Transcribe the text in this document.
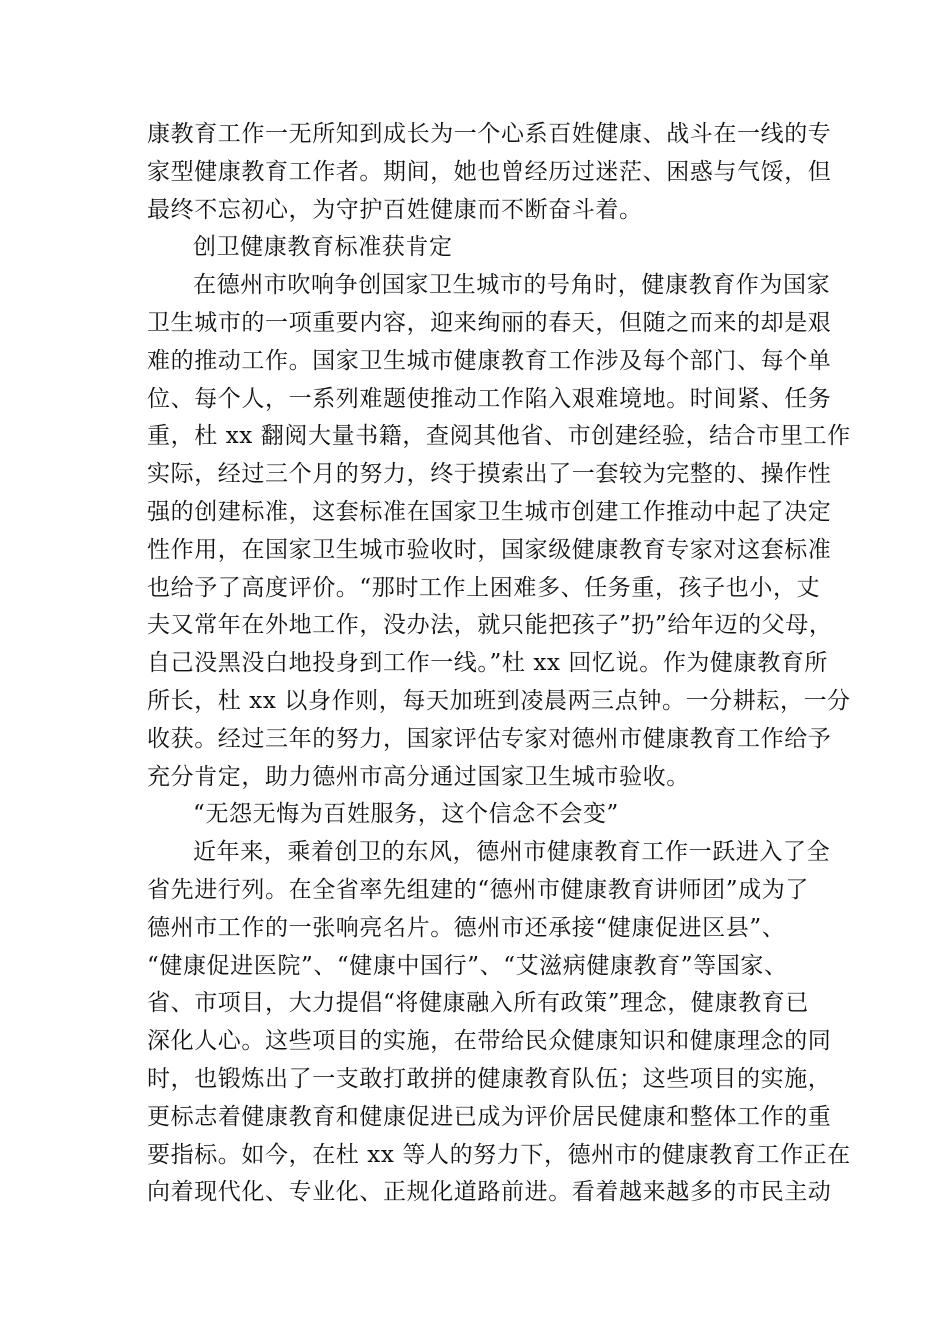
康教育工作一无所知到成长为一个心系百姓健康、战斗在一线的专
家型健康教育工作者。期间，她也曾经历过迷茫、困惑与气馁，但
最终不忘初心，为守护百姓健康而不断奋斗着。
创卫健康教育标准获肯定
在德州市吹响争创国家卫生城市的号角时，健康教育作为国家
卫生城市的一项重要内容，迎来绚丽的春天，但随之而来的却是艰
难的推动工作。国家卫生城市健康教育工作涉及每个部门、每个单
位、每个人，一系列难题使推动工作陷入艰难境地。时间紧、任务
重，杜 xx 翻阅大量书籍，查阅其他省、市创建经验，结合市里工作
实际，经过三个月的努力，终于摸索出了一套较为完整的、操作性
强的创建标准，这套标准在国家卫生城市创建工作推动中起了决定
性作用，在国家卫生城市验收时，国家级健康教育专家对这套标准
也给予了高度评价。“那时工作上困难多、任务重，孩子也小，丈
夫又常年在外地工作，没办法，就只能把孩子”扔”给年迈的父母，
自己没黑没白地投身到工作一线。”杜 xx 回忆说。作为健康教育所
所长，杜 xx 以身作则，每天加班到凌晨两三点钟。一分耕耘，一分
收获。经过三年的努力，国家评估专家对德州市健康教育工作给予
充分肯定，助力德州市高分通过国家卫生城市验收。
“无怨无悔为百姓服务，这个信念不会变”
近年来，乘着创卫的东风，德州市健康教育工作一跃进入了全
省先进行列。在全省率先组建的“德州市健康教育讲师团”成为了
德州市工作的一张响亮名片。德州市还承接“健康促进区县”、
“健康促进医院”、“健康中国行”、“艾滋病健康教育”等国家、
省、市项目，大力提倡“将健康融入所有政策”理念，健康教育已
深化人心。这些项目的实施，在带给民众健康知识和健康理念的同
时，也锻炼出了一支敢打敢拼的健康教育队伍；这些项目的实施，
更标志着健康教育和健康促进已成为评价居民健康和整体工作的重
要指标。如今，在杜 xx 等人的努力下，德州市的健康教育工作正在
向着现代化、专业化、正规化道路前进。看着越来越多的市民主动
